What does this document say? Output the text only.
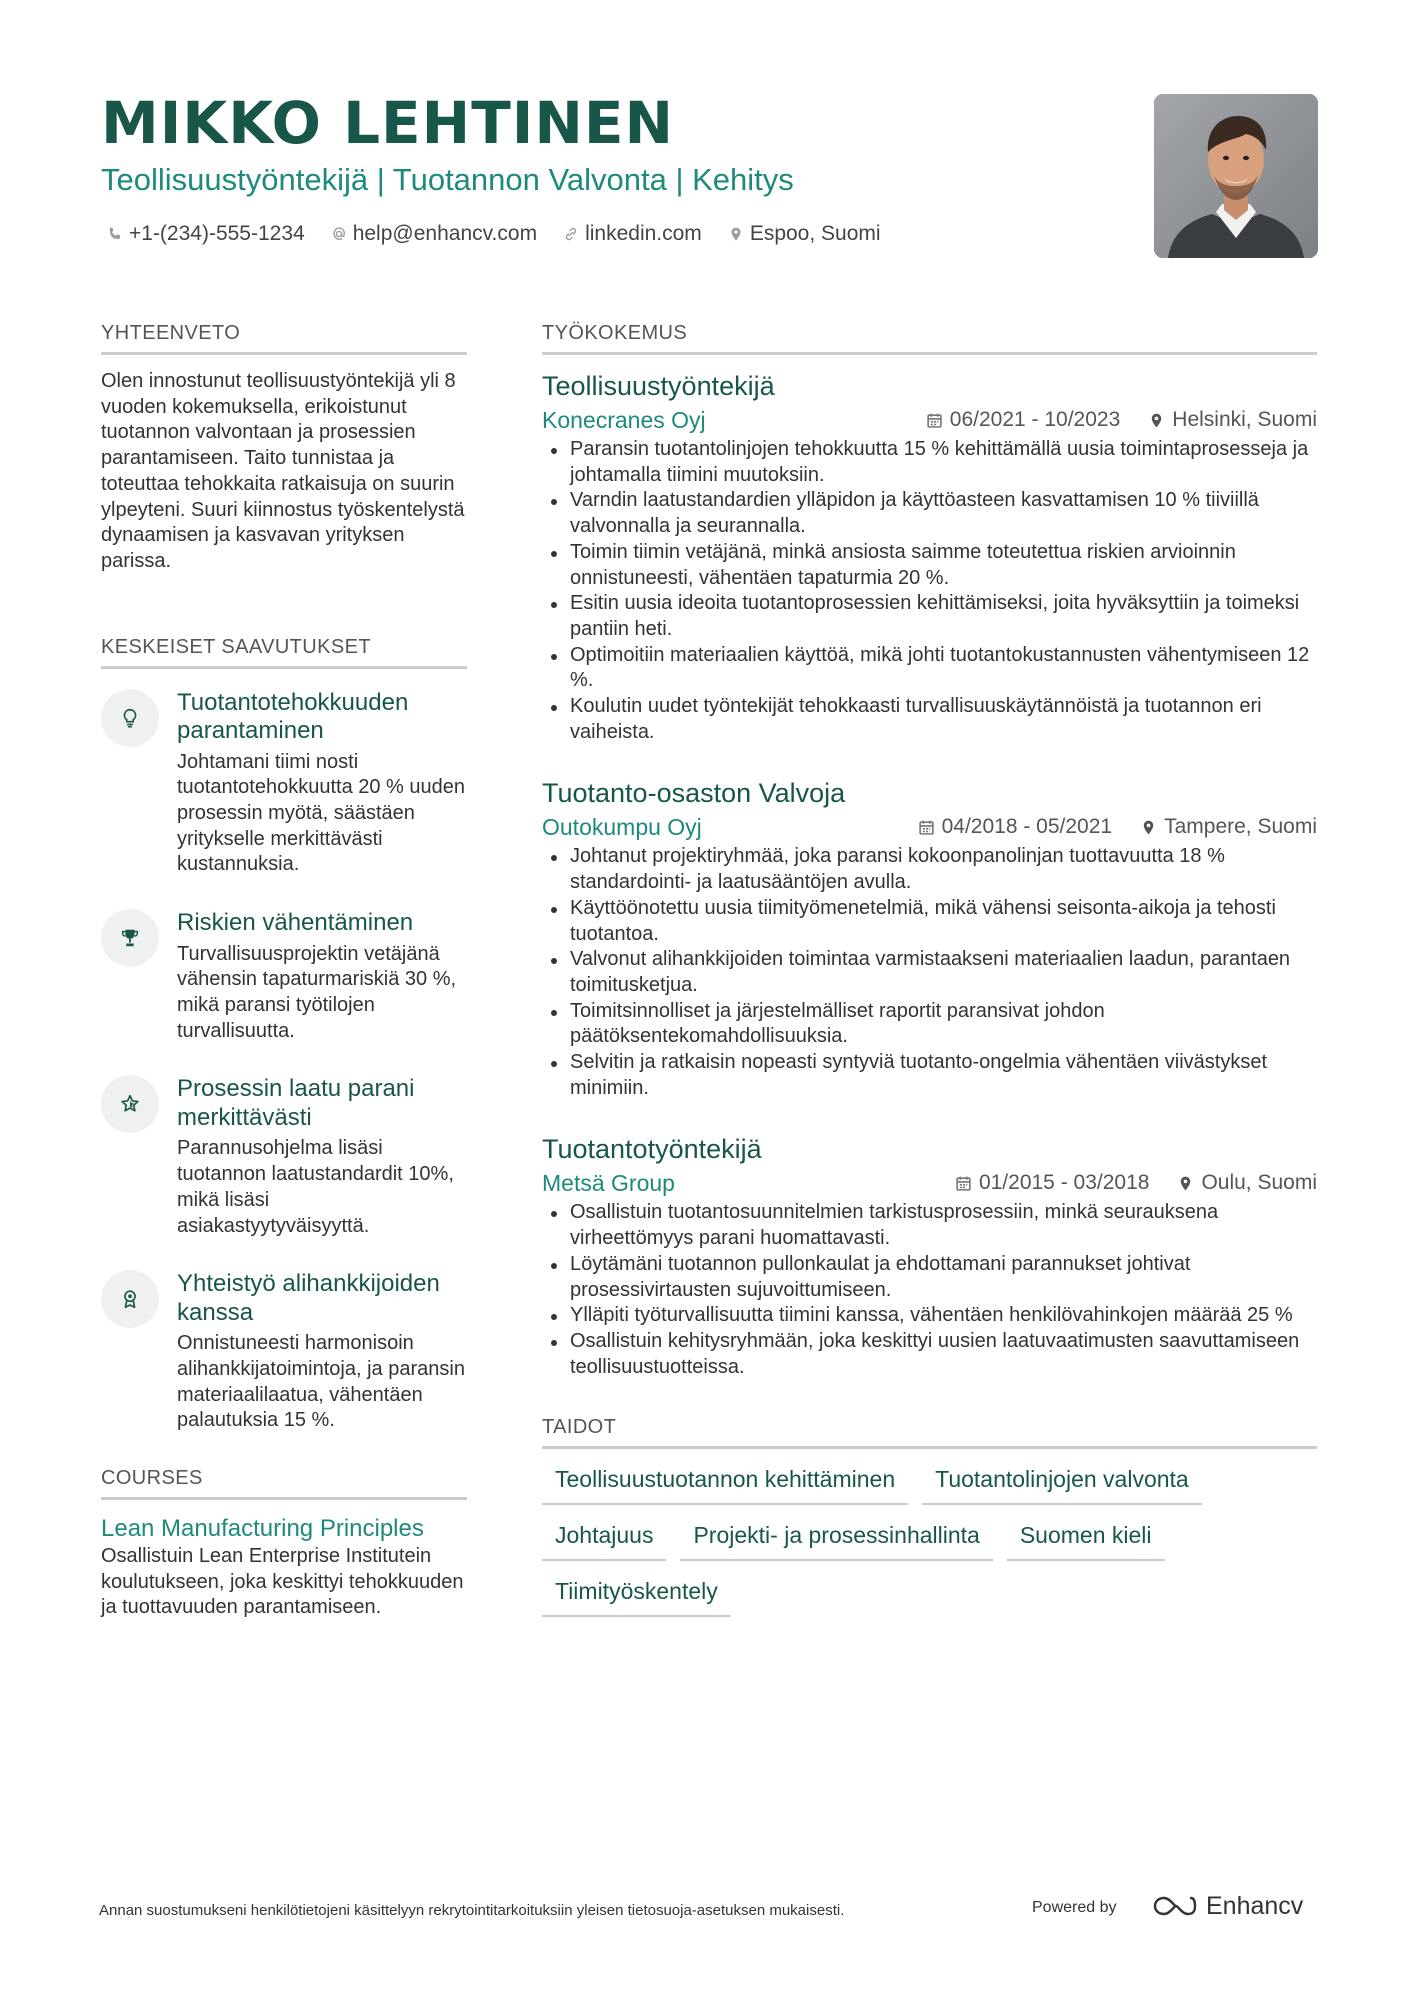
MIKKO LEHTINEN
Teollisuustyöntekijä | Tuotannon Valvonta | Kehitys
+1-(234)-555-1234 help@enhancv.com linkedin.com Espoo, Suomi
YHTEENVETO
Olen innostunut teollisuustyöntekijä yli 8 vuoden kokemuksella, erikoistunut tuotannon valvontaan ja prosessien parantamiseen. Taito tunnistaa ja toteuttaa tehokkaita ratkaisuja on suurin ylpeyteni. Suuri kiinnostus työskentelystä dynaamisen ja kasvavan yrityksen parissa.
KESKEISET SAAVUTUKSET
Tuotantotehokkuuden parantaminen
Johtamani tiimi nosti tuotantotehokkuutta 20 % uuden prosessin myötä, säästäen yritykselle merkittävästi kustannuksia.
Riskien vähentäminen
Turvallisuusprojektin vetäjänä vähensin tapaturmariskiä 30 %, mikä paransi työtilojen turvallisuutta.
Prosessin laatu parani merkittävästi
Parannusohjelma lisäsi tuotannon laatustandardit 10%, mikä lisäsi asiakastyytyväisyyttä.
Yhteistyö alihankkijoiden kanssa
Onnistuneesti harmonisoin alihankkijatoimintoja, ja paransin materiaalilaatua, vähentäen palautuksia 15 %.
COURSES
Lean Manufacturing Principles
Osallistuin Lean Enterprise Institutein koulutukseen, joka keskittyi tehokkuuden ja tuottavuuden parantamiseen.
TYÖKOKEMUS
Teollisuustyöntekijä
Konecranes Oyj	06/2021 - 10/2023 Helsinki, Suomi
Paransin tuotantolinjojen tehokkuutta 15 % kehittämällä uusia toimintaprosesseja ja johtamalla tiimini muutoksiin.
Varndin laatustandardien ylläpidon ja käyttöasteen kasvattamisen 10 % tiiviillä valvonnalla ja seurannalla.
Toimin tiimin vetäjänä, minkä ansiosta saimme toteutettua riskien arvioinnin onnistuneesti, vähentäen tapaturmia 20 %.
Esitin uusia ideoita tuotantoprosessien kehittämiseksi, joita hyväksyttiin ja toimeksi pantiin heti.
Optimoitiin materiaalien käyttöä, mikä johti tuotantokustannusten vähentymiseen 12 %.
Koulutin uudet työntekijät tehokkaasti turvallisuuskäytännöistä ja tuotannon eri vaiheista.
Tuotanto-osaston Valvoja
Outokumpu Oyj	04/2018 - 05/2021 Tampere, Suomi
Johtanut projektiryhmää, joka paransi kokoonpanolinjan tuottavuutta 18 % standardointi- ja laatusääntöjen avulla.
Käyttöönotettu uusia tiimityömenetelmiä, mikä vähensi seisonta-aikoja ja tehosti tuotantoa.
Valvonut alihankkijoiden toimintaa varmistaakseni materiaalien laadun, parantaen toimitusketjua.
Toimitsinnolliset ja järjestelmälliset raportit paransivat johdon päätöksentekomahdollisuuksia.
Selvitin ja ratkaisin nopeasti syntyviä tuotanto-ongelmia vähentäen viivästykset minimiin.
Tuotantotyöntekijä
Metsä Group	01/2015 - 03/2018 Oulu, Suomi
Osallistuin tuotantosuunnitelmien tarkistusprosessiin, minkä seurauksena virheettömyys parani huomattavasti.
Löytämäni tuotannon pullonkaulat ja ehdottamani parannukset johtivat prosessivirtausten sujuvoittumiseen.
Ylläpiti työturvallisuutta tiimini kanssa, vähentäen henkilövahinkojen määrää 25 %
Osallistuin kehitysryhmään, joka keskittyi uusien laatuvaatimusten saavuttamiseen teollisuustuotteissa.
TAIDOT
Teollisuustuotannon kehittäminen	Tuotantolinjojen valvonta
Johtajuus	Projekti- ja prosessinhallinta	Suomen kieli
Tiimityöskentely
Annan suostumukseni henkilötietojeni käsittelyyn rekrytointitarkoituksiin yleisen tietosuoja-asetuksen mukaisesti.	Powered by	Enhancv
